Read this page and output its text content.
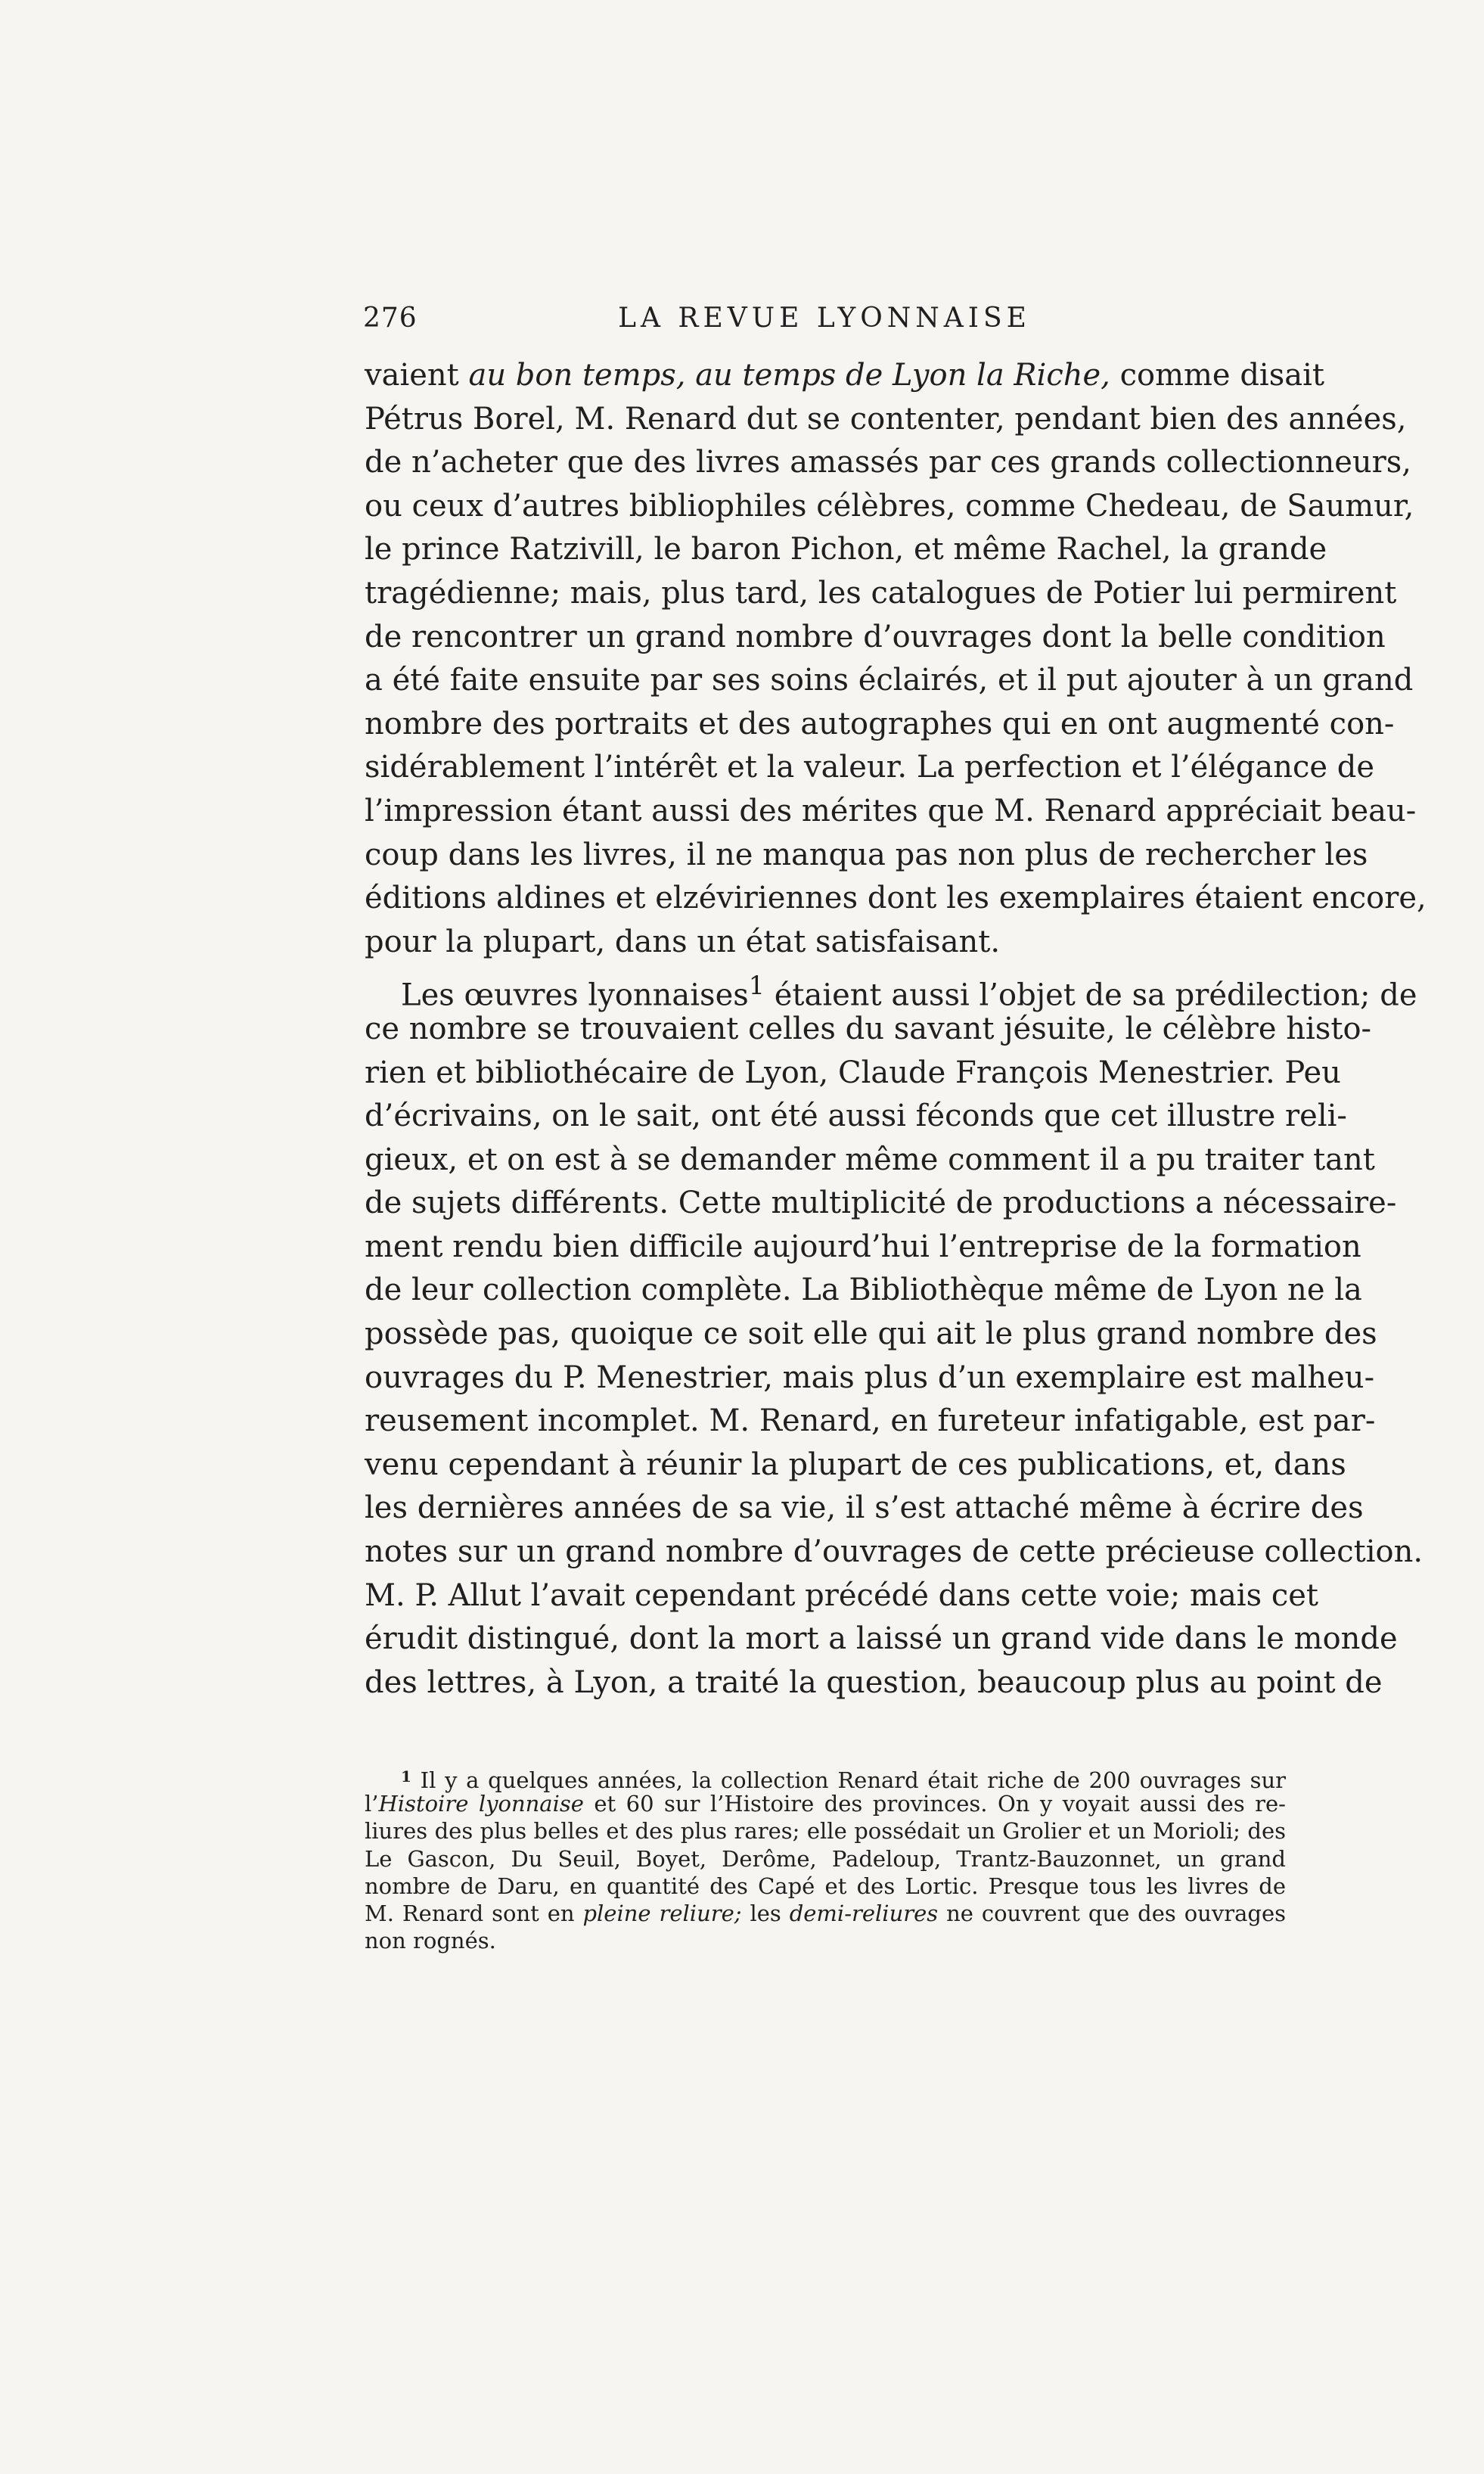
276	LA REVUE LYONNAISE
vaient au bon temps, au temps de Lyon la Riche, comme disait
Pétrus Borel, M. Renard dut se contenter, pendant bien des années,
de n’acheter que des livres amassés par ces grands collectionneurs,
ou ceux d’autres bibliophiles célèbres, comme Chedeau, de Saumur,
le prince Ratzivill, le baron Pichon, et même Rachel, la grande
tragédienne; mais, plus tard, les catalogues de Potier lui permirent
de rencontrer un grand nombre d’ouvrages dont la belle condition
a été faite ensuite par ses soins éclairés, et il put ajouter à un grand
nombre des portraits et des autographes qui en ont augmenté con-
sidérablement l’intérêt et la valeur. La perfection et l’élégance de
l’impression étant aussi des mérites que M. Renard appréciait beau-
coup dans les livres, il ne manqua pas non plus de rechercher les
éditions aldines et elzéviriennes dont les exemplaires étaient encore,
pour la plupart, dans un état satisfaisant.
Les œuvres lyonnaises$^1$ étaient aussi l’objet de sa prédilection; de
ce nombre se trouvaient celles du savant jésuite, le célèbre histo-
rien et bibliothécaire de Lyon, Claude François Menestrier. Peu
d’écrivains, on le sait, ont été aussi féconds que cet illustre reli-
gieux, et on est à se demander même comment il a pu traiter tant
de sujets différents. Cette multiplicité de productions a nécessaire-
ment rendu bien difficile aujourd’hui l’entreprise de la formation
de leur collection complète. La Bibliothèque même de Lyon ne la
possède pas, quoique ce soit elle qui ait le plus grand nombre des
ouvrages du P. Menestrier, mais plus d’un exemplaire est malheu-
reusement incomplet. M. Renard, en fureteur infatigable, est par-
venu cependant à réunir la plupart de ces publications, et, dans
les dernières années de sa vie, il s’est attaché même à écrire des
notes sur un grand nombre d’ouvrages de cette précieuse collection.
M. P. Allut l’avait cependant précédé dans cette voie; mais cet
érudit distingué, dont la mort a laissé un grand vide dans le monde
des lettres, à Lyon, a traité la question, beaucoup plus au point de
$^1$ Il y a quelques années, la collection Renard était riche de 200 ouvrages sur
l’Histoire lyonnaise et 60 sur l’Histoire des provinces. On y voyait aussi des re-
liures des plus belles et des plus rares; elle possédait un Grolier et un Morioli; des
Le Gascon, Du Seuil, Boyet, Derôme, Padeloup, Trantz-Bauzonnet, un grand
nombre de Daru, en quantité des Capé et des Lortic. Presque tous les livres de
M. Renard sont en pleine reliure; les demi-reliures ne couvrent que des ouvrages
non rognés.
